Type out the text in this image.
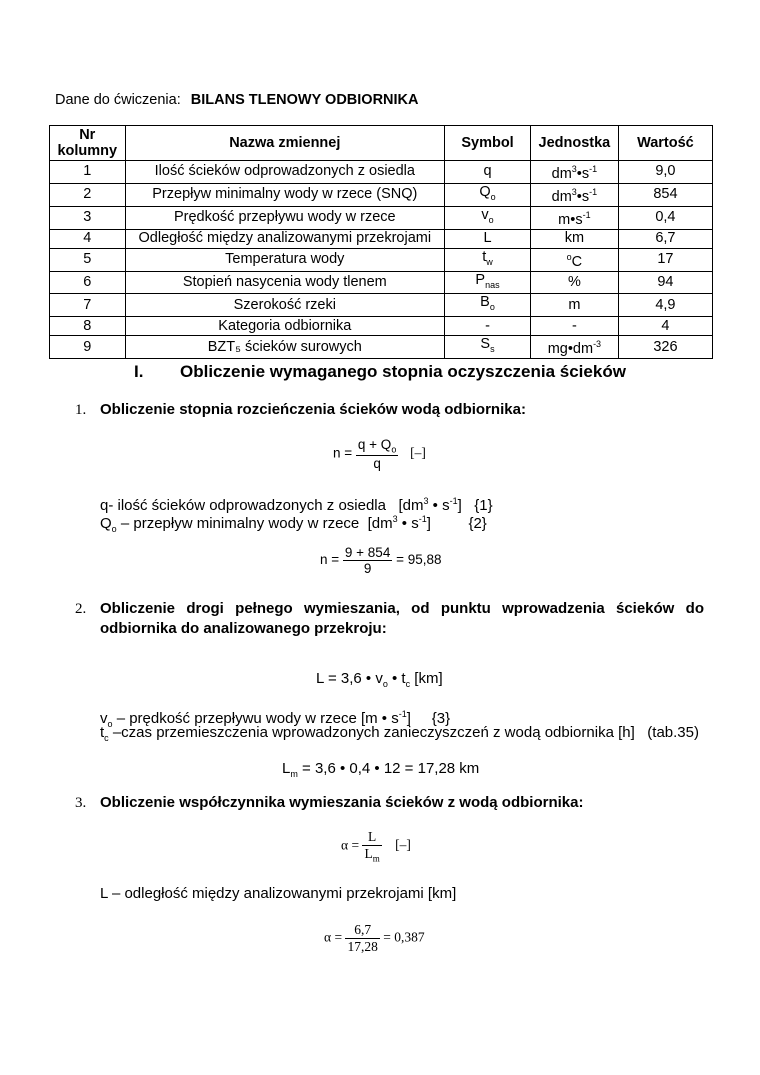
Dane do ćwiczenia: BILANS TLENOWY ODBIORNIKA
Nr kolumny	Nazwa zmiennej	Symbol	Jednostka	Wartość
1	Ilość ścieków odprowadzonych z osiedla	q	$dm^3•s^{-1}$	9,0
2	Przepływ minimalny wody w rzece (SNQ)	$Q_o$	$dm^3•s^{-1}$	854
3	Prędkość przepływu wody w rzece	$v_o$	$m•s^{-1}$	0,4
4	Odległość między analizowanymi przekrojami	L	km	6,7
5	Temperatura wody	$t_w$	$^o$C	17
6	Stopień nasycenia wody tlenem	$P_{nas}$	%	94
7	Szerokość rzeki	$B_o$	m	4,9
8	Kategoria odbiornika	-	-	4
9	BZT₅ ścieków surowych	$S_s$	$mg•dm^{-3}$	326
I. Obliczenie wymaganego stopnia oczyszczenia ścieków
1. Obliczenie stopnia rozcieńczenia ścieków wodą odbiornika:
$n = \frac{q + Q_o}{q}$ [–]
q- ilość ścieków odprowadzonych z osiedla   [$dm^3$ • $s^{-1}$]   {1}
$Q_o$ – przepływ minimalny wody w rzece  [$dm^3$ • $s^{-1}$]         {2}
$n = \frac{9 + 854}{9} = 95,88$
2. Obliczenie drogi pełnego wymieszania, od punktu wprowadzenia ścieków do odbiornika do analizowanego przekroju:
L = 3,6 • $v_o$ • $t_c$ [km]
$v_o$ – prędkość przepływu wody w rzece [m • $s^{-1}$]     {3}
$t_c$ –czas przemieszczenia wprowadzonych zanieczyszczeń z wodą odbiornika [h] (tab.35)
$L_m = 3,6$ • 0,4 • 12 = 17,28 km
3. Obliczenie współczynnika wymieszania ścieków z wodą odbiornika:
$\alpha = \frac{L}{L_m}$ [–]
L – odległość między analizowanymi przekrojami [km]
$\alpha = \frac{6,7}{17,28} = 0,387$
